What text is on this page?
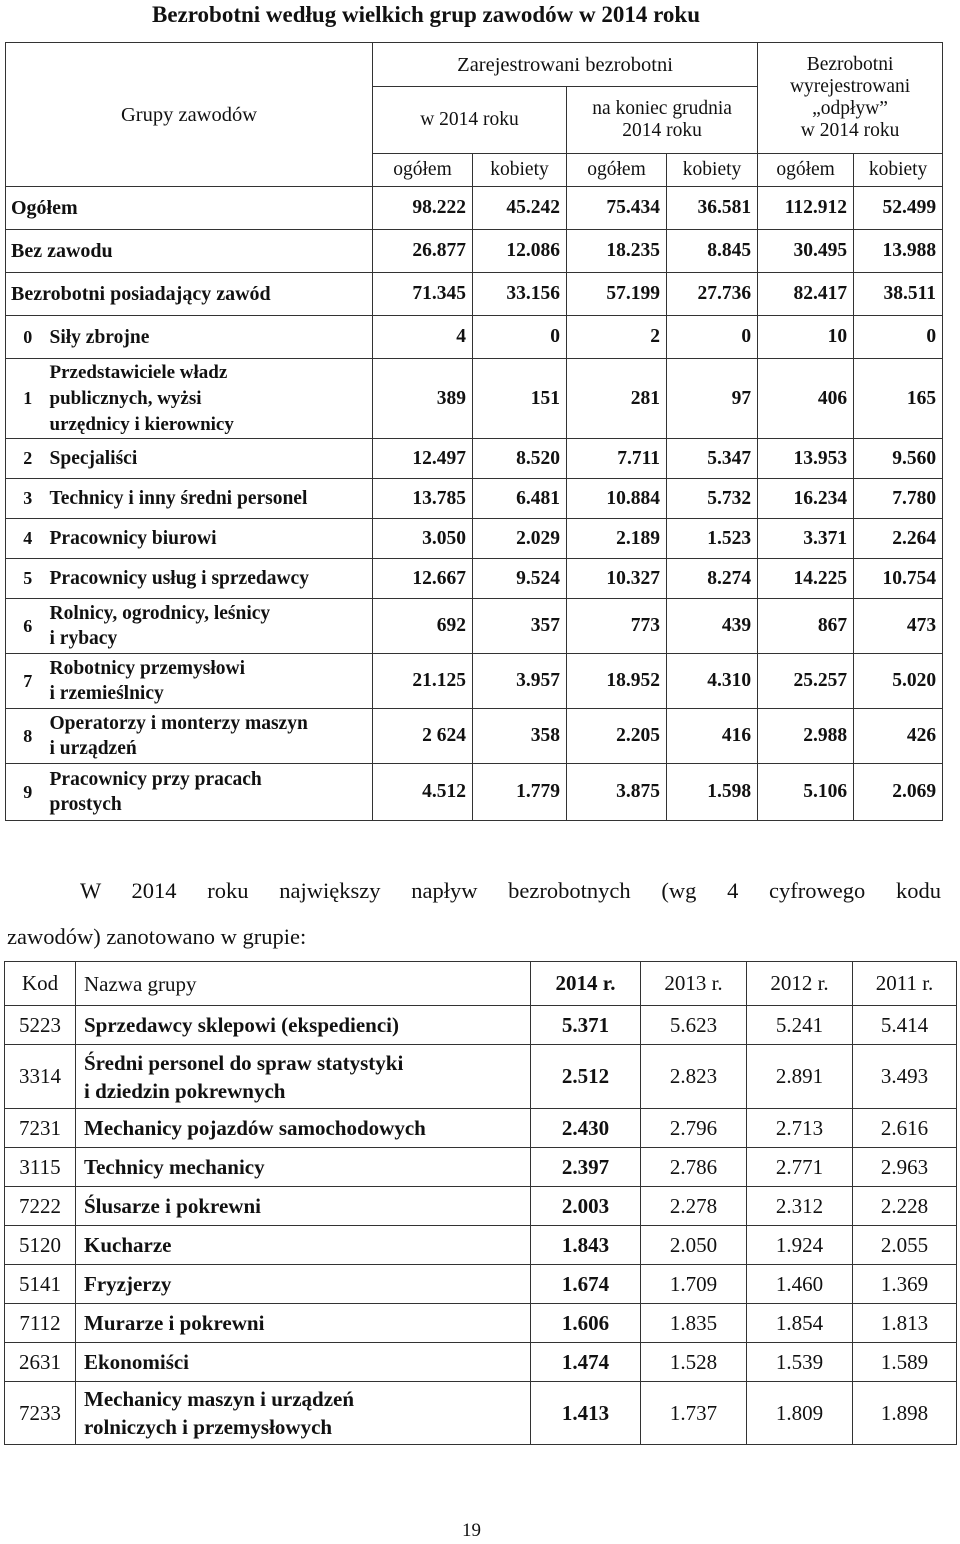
Bezrobotni według wielkich grup zawodów w 2014 roku
Grupy zawodów		Zarejestrowani bezrobotni				Bezrobotni
wyrejestrowani
„odpływ”
w 2014 roku	
		w 2014 roku		na koniec grudnia
2014 roku			
		ogółem	kobiety	ogółem	kobiety	ogółem	kobiety
Ogółem		98.222	45.242	75.434	36.581	112.912	52.499
Bez zawodu		26.877	12.086	18.235	8.845	30.495	13.988
Bezrobotni posiadający zawód		71.345	33.156	57.199	27.736	82.417	38.511
0	Siły zbrojne	4	0	2	0	10	0
1	Przedstawiciele władz
publicznych, wyżsi
urzędnicy i kierownicy	389	151	281	97	406	165
2	Specjaliści	12.497	8.520	7.711	5.347	13.953	9.560
3	Technicy i inny średni personel	13.785	6.481	10.884	5.732	16.234	7.780
4	Pracownicy biurowi	3.050	2.029	2.189	1.523	3.371	2.264
5	Pracownicy usług i sprzedawcy	12.667	9.524	10.327	8.274	14.225	10.754
6	Rolnicy, ogrodnicy, leśnicy
i rybacy	692	357	773	439	867	473
7	Robotnicy przemysłowi
i rzemieślnicy	21.125	3.957	18.952	4.310	25.257	5.020
8	Operatorzy i monterzy maszyn
i urządzeń	2 624	358	2.205	416	2.988	426
9	Pracownicy przy pracach
prostych	4.512	1.779	3.875	1.598	5.106	2.069
W 2014 roku największy napływ bezrobotnych (wg 4 cyfrowego kodu
zawodów) zanotowano w grupie:
Kod	Nazwa grupy	2014 r.	2013 r.	2012 r.	2011 r.
5223	Sprzedawcy sklepowi (ekspedienci)	5.371	5.623	5.241	5.414
3314	Średni personel do spraw statystyki
i dziedzin pokrewnych	2.512	2.823	2.891	3.493
7231	Mechanicy pojazdów samochodowych	2.430	2.796	2.713	2.616
3115	Technicy mechanicy	2.397	2.786	2.771	2.963
7222	Ślusarze i pokrewni	2.003	2.278	2.312	2.228
5120	Kucharze	1.843	2.050	1.924	2.055
5141	Fryzjerzy	1.674	1.709	1.460	1.369
7112	Murarze i pokrewni	1.606	1.835	1.854	1.813
2631	Ekonomiści	1.474	1.528	1.539	1.589
7233	Mechanicy maszyn i urządzeń
rolniczych i przemysłowych	1.413	1.737	1.809	1.898
19
